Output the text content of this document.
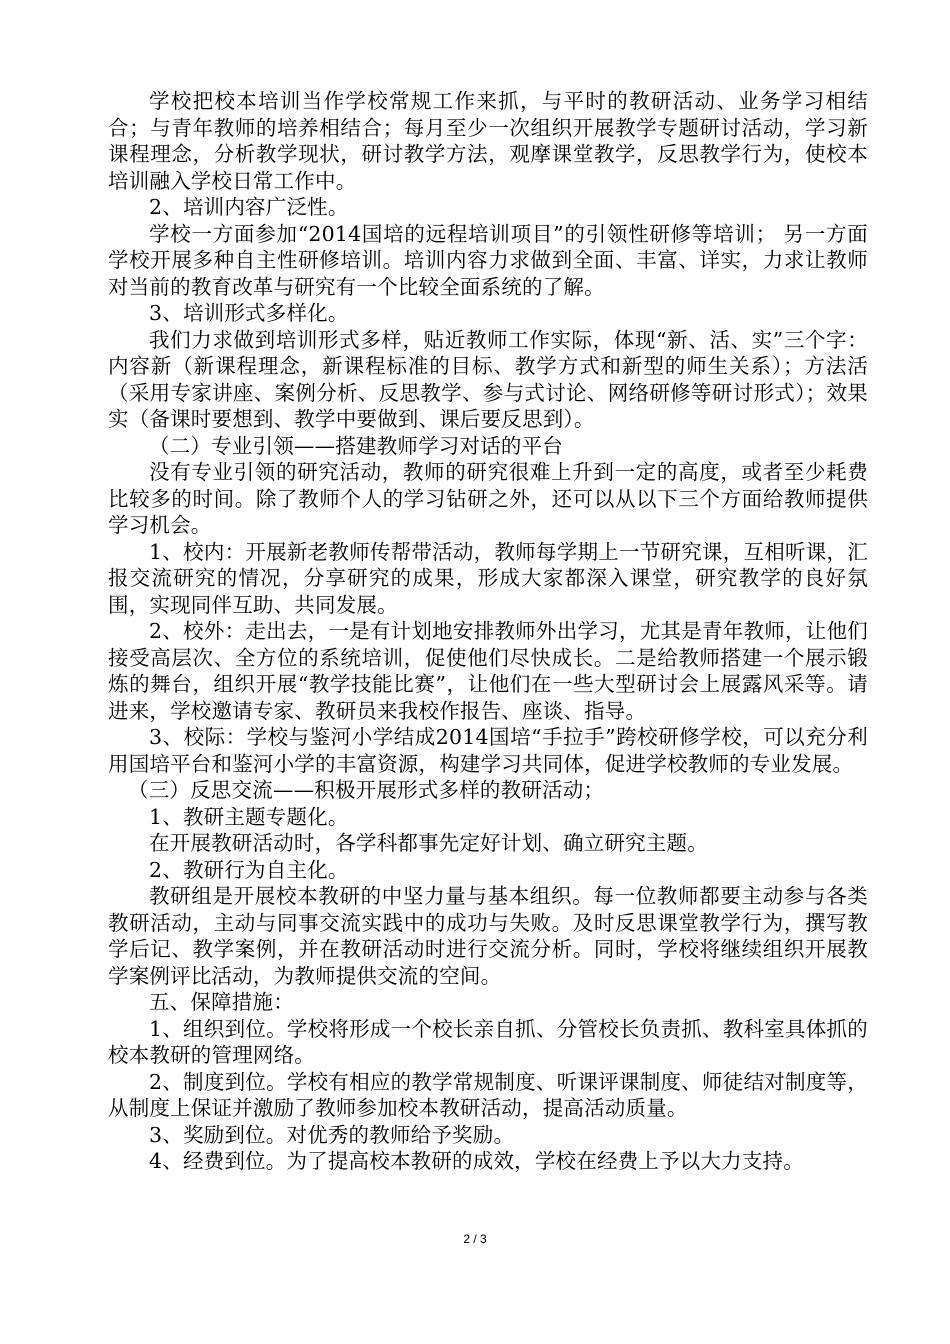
学校把校本培训当作学校常规工作来抓，与平时的教研活动、业务学习相结合；与青年教师的培养相结合；每月至少一次组织开展教学专题研讨活动，学习新课程理念，分析教学现状，研讨教学方法，观摩课堂教学，反思教学行为，使校本培训融入学校日常工作中。

2、培训内容广泛性。

学校一方面参加“2014国培的远程培训项目”的引领性研修等培训； 另一方面学校开展多种自主性研修培训。培训内容力求做到全面、丰富、详实，力求让教师对当前的教育改革与研究有一个比较全面系统的了解。

3、培训形式多样化。

我们力求做到培训形式多样，贴近教师工作实际，体现“新、活、实”三个字：内容新（新课程理念，新课程标准的目标、教学方式和新型的师生关系）；方法活（采用专家讲座、案例分析、反思教学、参与式讨论、网络研修等研讨形式）；效果实（备课时要想到、教学中要做到、课后要反思到）。

（二）专业引领——搭建教师学习对话的平台

没有专业引领的研究活动，教师的研究很难上升到一定的高度，或者至少耗费比较多的时间。除了教师个人的学习钻研之外，还可以从以下三个方面给教师提供学习机会。

1、校内：开展新老教师传帮带活动，教师每学期上一节研究课，互相听课，汇报交流研究的情况，分享研究的成果，形成大家都深入课堂，研究教学的良好氛围，实现同伴互助、共同发展。

2、校外：走出去，一是有计划地安排教师外出学习，尤其是青年教师，让他们接受高层次、全方位的系统培训，促使他们尽快成长。二是给教师搭建一个展示锻炼的舞台，组织开展“教学技能比赛”，让他们在一些大型研讨会上展露风采等。请进来，学校邀请专家、教研员来我校作报告、座谈、指导。

3、校际：学校与鉴河小学结成2014国培“手拉手”跨校研修学校，可以充分利用国培平台和鉴河小学的丰富资源，构建学习共同体，促进学校教师的专业发展。

（三）反思交流——积极开展形式多样的教研活动；

1、教研主题专题化。

在开展教研活动时，各学科都事先定好计划、确立研究主题。

2、教研行为自主化。

教研组是开展校本教研的中坚力量与基本组织。每一位教师都要主动参与各类教研活动，主动与同事交流实践中的成功与失败。及时反思课堂教学行为，撰写教学后记、教学案例，并在教研活动时进行交流分析。同时，学校将继续组织开展教学案例评比活动，为教师提供交流的空间。

五、保障措施：

1、组织到位。学校将形成一个校长亲自抓、分管校长负责抓、教科室具体抓的校本教研的管理网络。

2、制度到位。学校有相应的教学常规制度、听课评课制度、师徒结对制度等，从制度上保证并激励了教师参加校本教研活动，提高活动质量。

3、奖励到位。对优秀的教师给予奖励。

4、经费到位。为了提高校本教研的成效，学校在经费上予以大力支持。

2 / 3
